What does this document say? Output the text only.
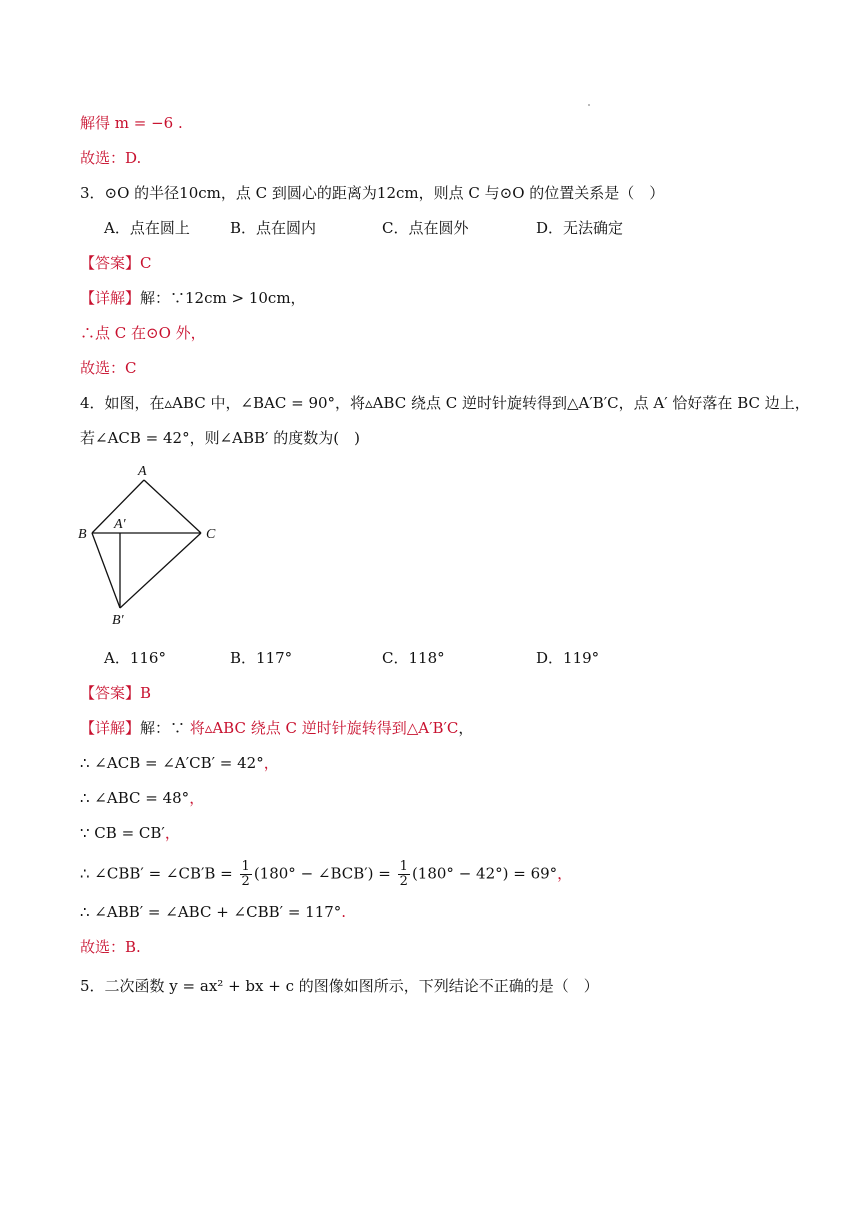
解得 m = −6 .
故选：D.
3．⊙O 的半径10cm，点 C 到圆心的距离为12cm，则点 C 与⊙O 的位置关系是（　）
A．点在圆上	B．点在圆内	C．点在圆外	D．无法确定
【答案】C
【详解】解：∵12cm > 10cm，
∴点 C 在⊙O 外，
故选：C
4．如图，在▵ABC 中，∠BAC = 90°，将▵ABC 绕点 C 逆时针旋转得到△A′B′C，点 A′ 恰好落在 BC 边上，
若∠ACB = 42°，则∠ABB′ 的度数为(　)
A
A′
B	C
B′
A．116°	B．117°	C．118°	D．119°
【答案】B
【详解】解：∵ 将▵ABC 绕点 C 逆时针旋转得到△A′B′C，
∴ ∠ACB = ∠A′CB′ = 42°，
∴ ∠ABC = 48°，
∵ CB = CB′，
∴ ∠CBB′ = ∠CB′B = $\frac{1}{2} (180^\circ$ − ∠BCB′) = $\frac{1}{2} (180^\circ - 42^\circ) = 69^\circ$，
∴ ∠ABB′ = ∠ABC + ∠CBB′ = 117°.
故选：B.
5．二次函数 y = ax² + bx + c 的图像如图所示，下列结论不正确的是（　）
